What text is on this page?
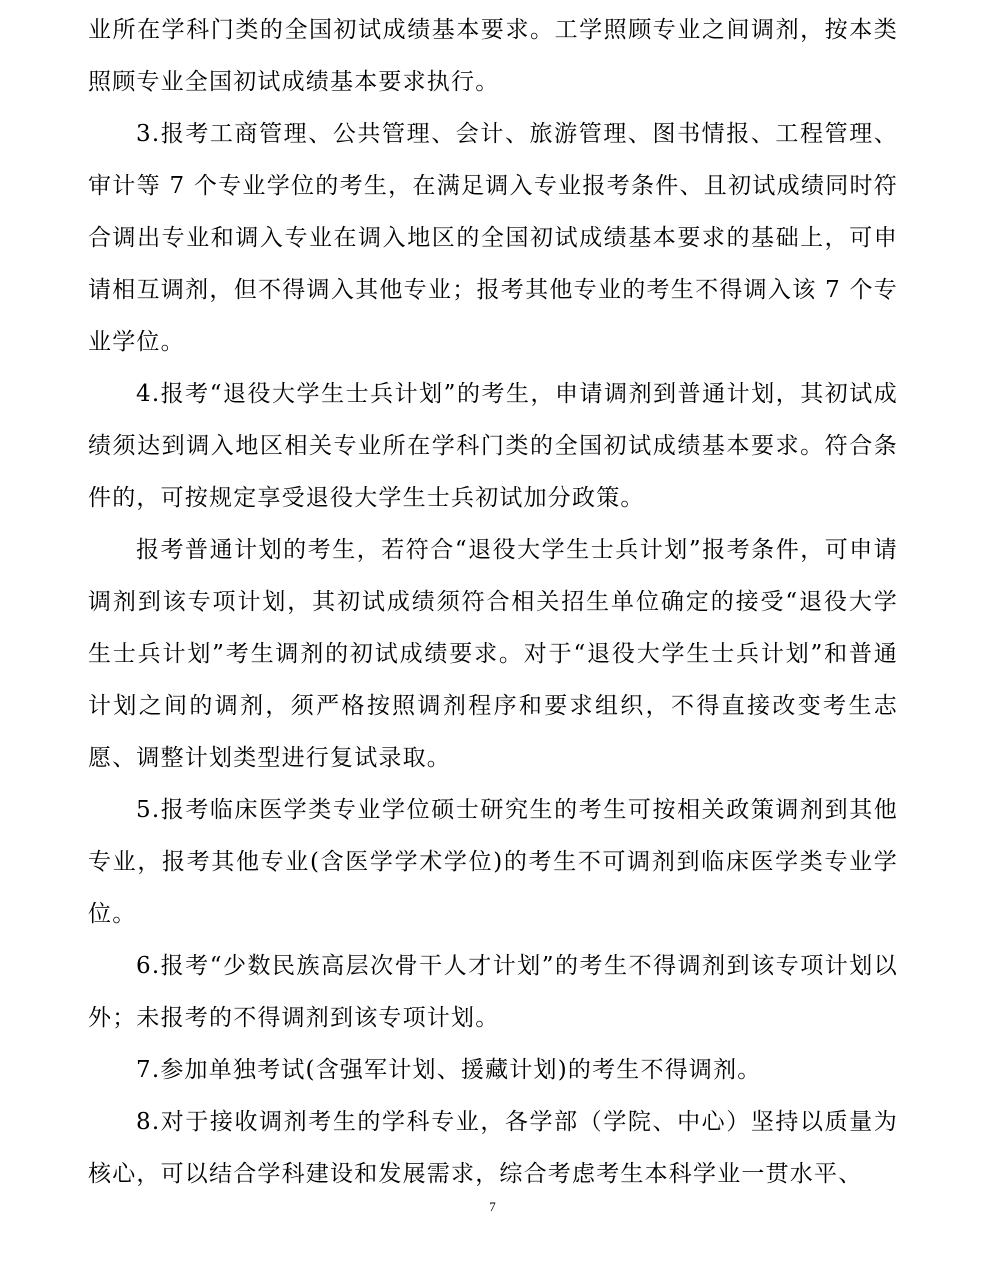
业所在学科门类的全国初试成绩基本要求。工学照顾专业之间调剂，按本类照顾专业全国初试成绩基本要求执行。

3.报考工商管理、公共管理、会计、旅游管理、图书情报、工程管理、审计等 7 个专业学位的考生，在满足调入专业报考条件、且初试成绩同时符合调出专业和调入专业在调入地区的全国初试成绩基本要求的基础上，可申请相互调剂，但不得调入其他专业；报考其他专业的考生不得调入该 7 个专业学位。

4.报考“退役大学生士兵计划”的考生，申请调剂到普通计划，其初试成绩须达到调入地区相关专业所在学科门类的全国初试成绩基本要求。符合条件的，可按规定享受退役大学生士兵初试加分政策。

报考普通计划的考生，若符合“退役大学生士兵计划”报考条件，可申请调剂到该专项计划，其初试成绩须符合相关招生单位确定的接受“退役大学生士兵计划”考生调剂的初试成绩要求。对于“退役大学生士兵计划”和普通计划之间的调剂，须严格按照调剂程序和要求组织，不得直接改变考生志愿、调整计划类型进行复试录取。

5.报考临床医学类专业学位硕士研究生的考生可按相关政策调剂到其他专业，报考其他专业(含医学学术学位)的考生不可调剂到临床医学类专业学位。

6.报考“少数民族高层次骨干人才计划”的考生不得调剂到该专项计划以外；未报考的不得调剂到该专项计划。

7.参加单独考试(含强军计划、援藏计划)的考生不得调剂。

8.对于接收调剂考生的学科专业，各学部（学院、中心）坚持以质量为核心，可以结合学科建设和发展需求，综合考虑考生本科学业一贯水平、

7
